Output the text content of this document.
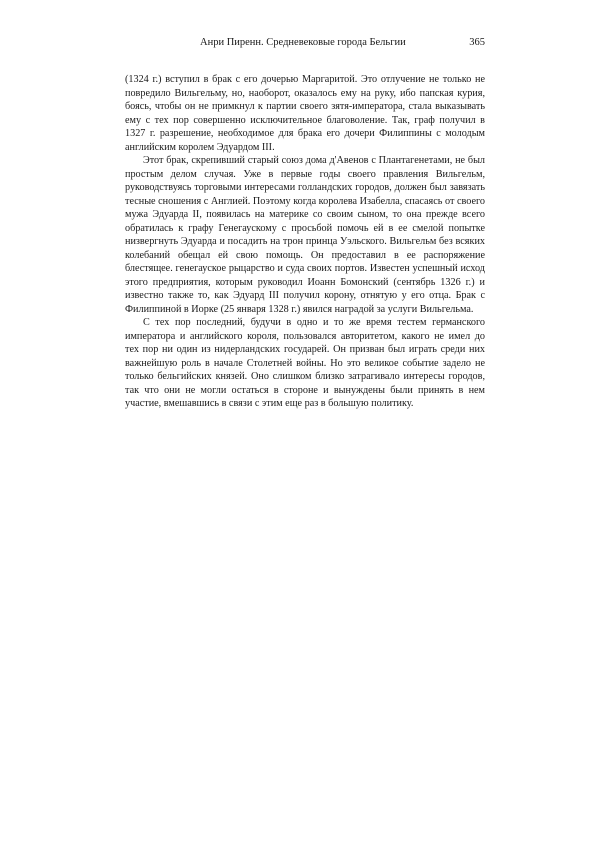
Анри Пиренн. Средневековые города Бельгии	365

(1324 г.) вступил в брак с его дочерью Маргаритой. Это отлучение не только не
повредило Вильгельму, но, наоборот, оказалось ему на руку, ибо папская курия,
боясь, чтобы он не примкнул к партии своего зятя-императора, стала выказывать
ему с тех пор совершенно исключительное благоволение. Так, граф получил в
1327 г. разрешение, необходимое для брака его дочери Филиппины с молодым
английским королем Эдуардом III.

Этот брак, скрепивший старый союз дома д'Авенов с Плантагенетами, не был
простым делом случая. Уже в первые годы своего правления Вильгельм,
руководствуясь торговыми интересами голландских городов, должен был завязать
тесные сношения с Англией. Поэтому когда королева Изабелла, спасаясь от своего
мужа Эдуарда II, появилась на материке со своим сыном, то она прежде всего
обратилась к графу Генегаускому с просьбой помочь ей в ее смелой попытке
низвергнуть Эдуарда и посадить на трон принца Уэльского. Вильгельм без всяких
колебаний обещал ей свою помощь. Он предоставил в ее распоряжение
блестящее. генегауское рыцарство и суда своих портов. Известен успешный исход
этого предприятия, которым руководил Иоанн Бомонский (сентябрь 1326 г.) и
известно также то, как Эдуард III получил корону, отнятую у его отца. Брак с
Филиппиной в Иорке (25 января 1328 г.) явился наградой за услуги Вильгельма.

С тех пор последний, будучи в одно и то же время тестем германского
императора и английского короля, пользовался авторитетом, какого не имел до
тех пор ни один из нидерландских государей. Он призван был играть среди них
важнейшую роль в начале Столетней войны. Но это великое событие задело не
только бельгийских князей. Оно слишком близко затрагивало интересы городов,
так что они не могли остаться в стороне и вынуждены были принять в нем
участие, вмешавшись в связи с этим еще раз в большую политику.
